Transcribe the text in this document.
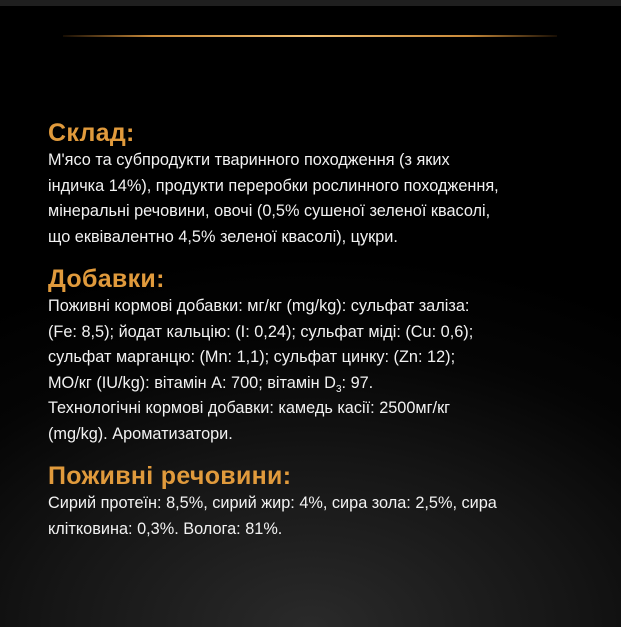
Склад:

М'ясо та субпродукти тваринного походження (з яких
індичка 14%), продукти переробки рослинного походження,
мінеральні речовини, овочі (0,5% сушеної зеленої квасолі,
що еквівалентно 4,5% зеленої квасолі), цукри.

Добавки:

Поживні кормові добавки: мг/кг (mg/kg): сульфат заліза:
(Fe: 8,5); йодат кальцію: (I: 0,24); сульфат міді: (Cu: 0,6);
сульфат марганцю: (Mn: 1,1); сульфат цинку: (Zn: 12);
МО/кг (IU/kg): вітамін А: 700; вітамін $D_3$: 97.
Технологічні кормові добавки: камедь касії: 2500мг/кг
(mg/kg). Ароматизатори.

Поживні речовини:

Сирий протеїн: 8,5%, сирий жир: 4%, сира зола: 2,5%, сира
клітковина: 0,3%. Волога: 81%.
